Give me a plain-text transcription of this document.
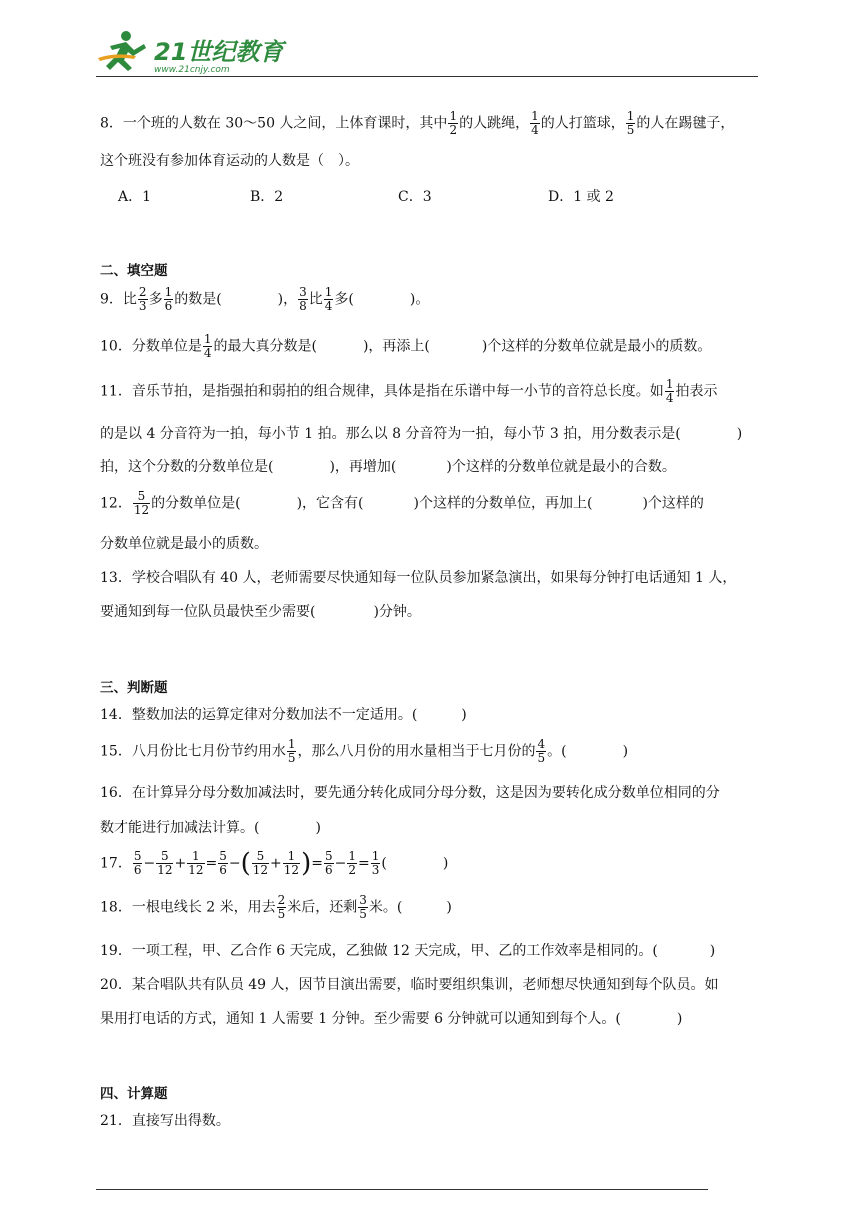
21世纪教育
www.21cnjy.com
8．一个班的人数在 30～50 人之间，上体育课时，其中 $\frac{1}{2}$ 的人跳绳， $\frac{1}{4}$ 的人打篮球， $\frac{1}{5}$ 的人在踢毽子，
这个班没有参加体育运动的人数是（　）。
A．1	B．2	C．3	D．1 或 2
二、填空题
9．比 $\frac{2}{3}$ 多 $\frac{1}{6}$ 的数是(	)， $\frac{3}{8}$ 比 $\frac{1}{4}$ 多(	)。
10．分数单位是 $\frac{1}{4}$ 的最大真分数是(	)，再添上(	)个这样的分数单位就是最小的质数。
11．音乐节拍，是指强拍和弱拍的组合规律，具体是指在乐谱中每一小节的音符总长度。如 $\frac{1}{4}$ 拍表示
的是以 4 分音符为一拍，每小节 1 拍。那么以 8 分音符为一拍，每小节 3 拍，用分数表示是(	)
拍，这个分数的分数单位是(	)，再增加(	)个这样的分数单位就是最小的合数。
12． $\frac{5}{12}$ 的分数单位是(	)，它含有(	)个这样的分数单位，再加上(	)个这样的
分数单位就是最小的质数。
13．学校合唱队有 40 人，老师需要尽快通知每一位队员参加紧急演出，如果每分钟打电话通知 1 人，
要通知到每一位队员最快至少需要(	)分钟。
三、判断题
14．整数加法的运算定律对分数加法不一定适用。(	)
15．八月份比七月份节约用水 $\frac{1}{5}$ ，那么八月份的用水量相当于七月份的 $\frac{4}{5}$ 。(	)
16．在计算异分母分数加减法时，要先通分转化成同分母分数，这是因为要转化成分数单位相同的分
数才能进行加减法计算。(	)
17． $\frac{5}{6} - \frac{5}{12} + \frac{1}{12} = \frac{5}{6}$ −( $\frac{5}{12} + \frac{1}{12}$ )= $\frac{5}{6} - \frac{1}{2} = \frac{1}{3}$ (	)
18．一根电线长 2 米，用去 $\frac{2}{5}$ 米后，还剩 $\frac{3}{5}$ 米。(	)
19．一项工程，甲、乙合作 6 天完成，乙独做 12 天完成，甲、乙的工作效率是相同的。(	)
20．某合唱队共有队员 49 人，因节目演出需要，临时要组织集训，老师想尽快通知到每个队员。如
果用打电话的方式，通知 1 人需要 1 分钟。至少需要 6 分钟就可以通知到每个人。(	)
四、计算题
21．直接写出得数。
